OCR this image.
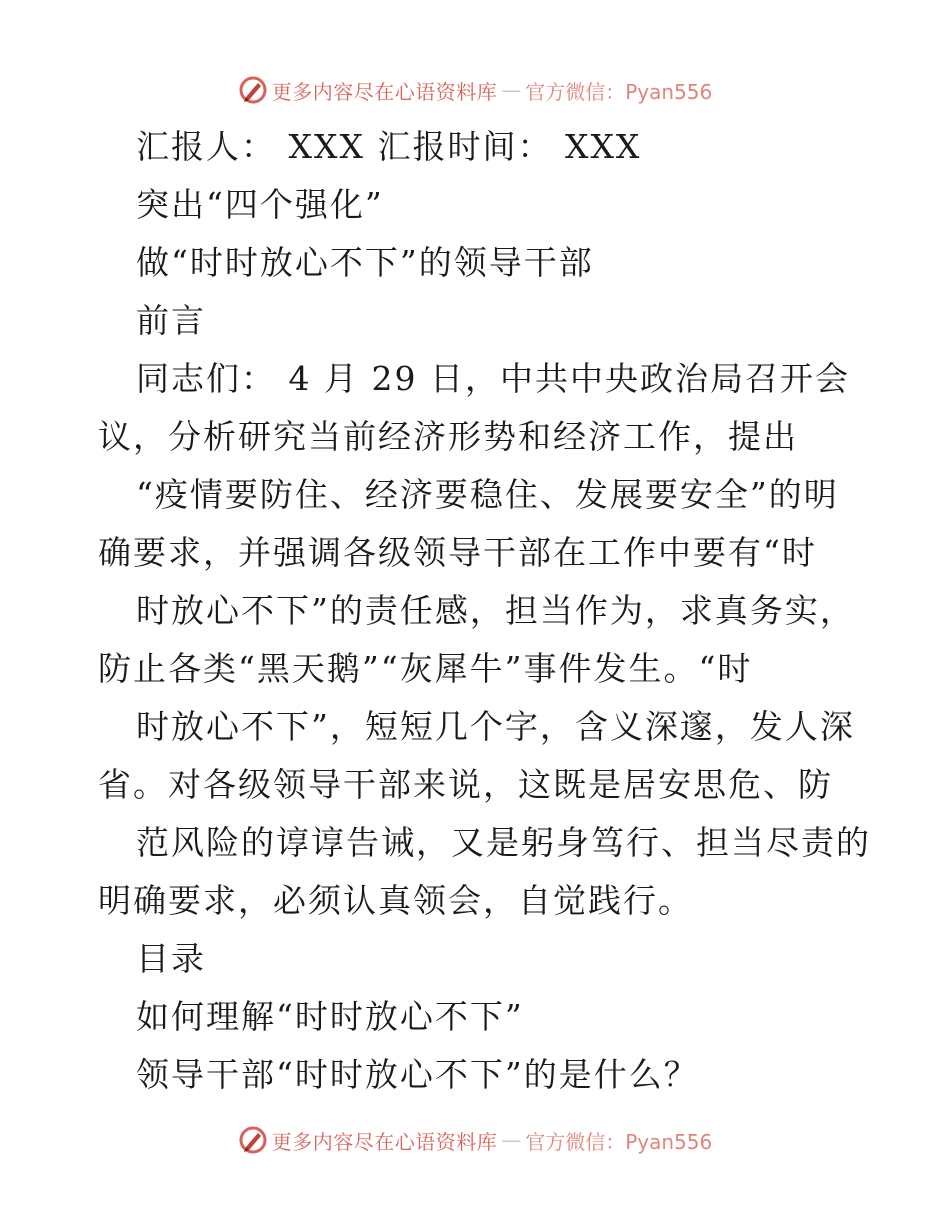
更多内容尽在心语资料库 — 官方微信：Pyan556
汇报人： XXX 汇报时间： XXX
突出“四个强化”
做“时时放心不下”的领导干部
前言
同志们： 4 月 29 日，中共中央政治局召开会
议，分析研究当前经济形势和经济工作，提出
“疫情要防住、经济要稳住、发展要安全”的明
确要求，并强调各级领导干部在工作中要有“时
时放心不下”的责任感，担当作为，求真务实，
防止各类“黑天鹅”“灰犀牛”事件发生。“时
时放心不下”，短短几个字，含义深邃，发人深
省。对各级领导干部来说，这既是居安思危、防
范风险的谆谆告诫，又是躬身笃行、担当尽责的
明确要求，必须认真领会，自觉践行。
目录
如何理解“时时放心不下”
领导干部“时时放心不下”的是什么？
更多内容尽在心语资料库 — 官方微信：Pyan556
